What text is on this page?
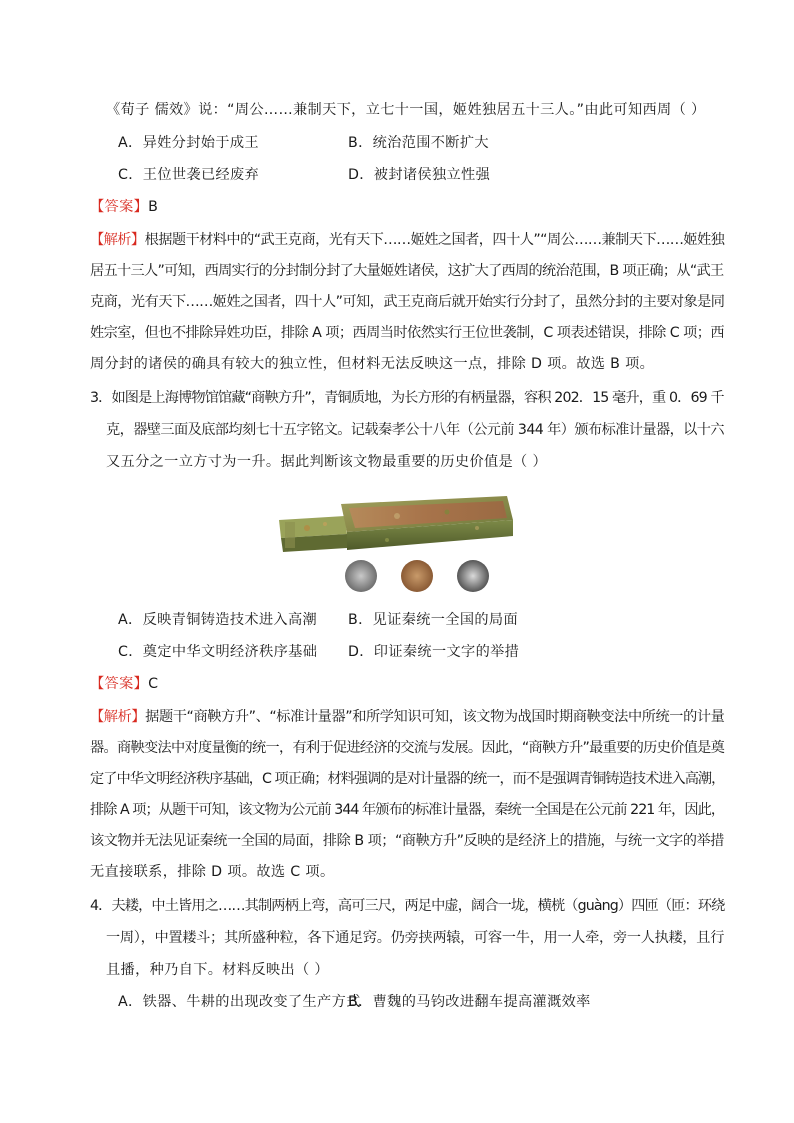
《荀子 儒效》说：“周公……兼制天下，立七十一国，姬姓独居五十三人。”由此可知西周（ ）
A．异姓分封始于成王	B．统治范围不断扩大
C．王位世袭已经废弃	D．被封诸侯独立性强
【答案】B
【解析】根据题干材料中的“武王克商，光有天下……姬姓之国者，四十人”“周公……兼制天下……姬姓独
居五十三人”可知，西周实行的分封制分封了大量姬姓诸侯，这扩大了西周的统治范围，B 项正确；从“武王
克商，光有天下……姬姓之国者，四十人”可知，武王克商后就开始实行分封了，虽然分封的主要对象是同
姓宗室，但也不排除异姓功臣，排除 A 项；西周当时依然实行王位世袭制，C 项表述错误，排除 C 项；西
周分封的诸侯的确具有较大的独立性，但材料无法反映这一点，排除 D 项。故选 B 项。
3．如图是上海博物馆馆藏“商鞅方升”，青铜质地，为长方形的有柄量器，容积 202．15 毫升，重 0．69 千
克，器壁三面及底部均刻七十五字铭文。记载秦孝公十八年（公元前 344 年）颁布标准计量器，以十六
又五分之一立方寸为一升。据此判断该文物最重要的历史价值是（ ）
A．反映青铜铸造技术进入高潮 B．见证秦统一全国的局面
C．奠定中华文明经济秩序基础 D．印证秦统一文字的举措
【答案】C
【解析】据题干“商鞅方升”、“标准计量器”和所学知识可知，该文物为战国时期商鞅变法中所统一的计量
器。商鞅变法中对度量衡的统一，有利于促进经济的交流与发展。因此，“商鞅方升”最重要的历史价值是奠
定了中华文明经济秩序基础，C 项正确；材料强调的是对计量器的统一，而不是强调青铜铸造技术进入高潮，
排除 A 项；从题干可知，该文物为公元前 344 年颁布的标准计量器，秦统一全国是在公元前 221 年，因此，
该文物并无法见证秦统一全国的局面，排除 B 项；“商鞅方升”反映的是经济上的措施，与统一文字的举措
无直接联系，排除 D 项。故选 C 项。
4．夫耧，中土皆用之……其制两柄上弯，高可三尺，两足中虚，阔合一垅，横桄（guàng）四匝（匝：环绕
一周），中置耧斗；其所盛种粒，各下通足窍。仍旁挟两辕，可容一牛，用一人牵，旁一人执耧，且行
且播，种乃自下。材料反映出（ ）
A．铁器、牛耕的出现改变了生产方式
B．曹魏的马钧改进翻车提高灌溉效率
